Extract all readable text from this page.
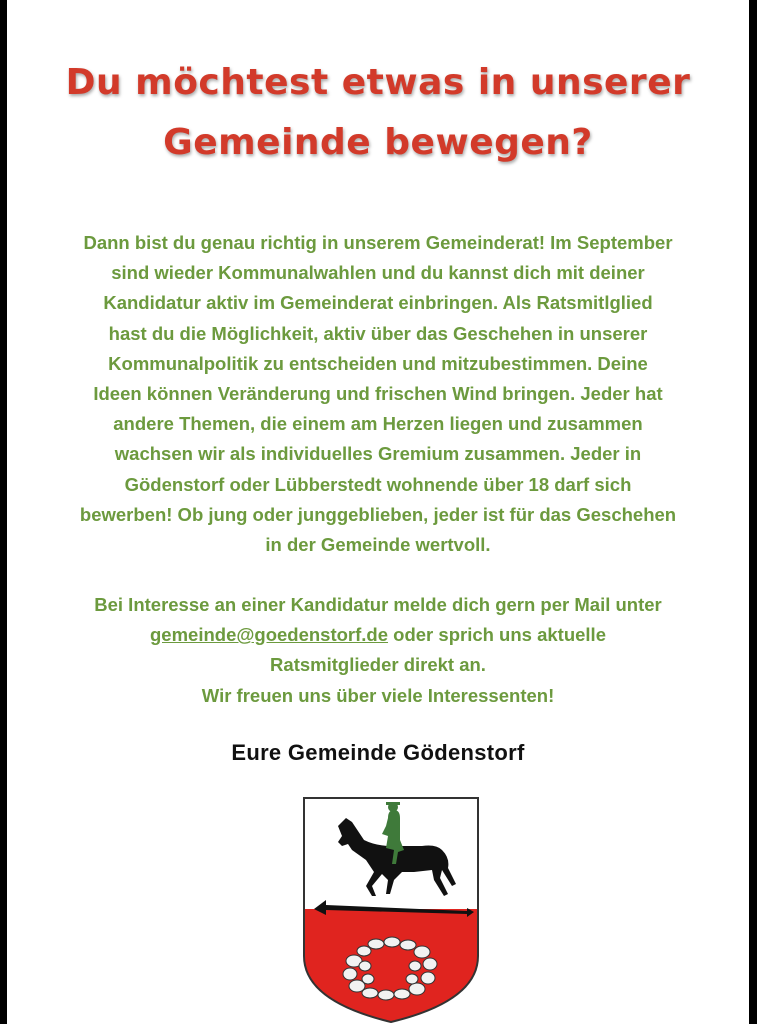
Du möchtest etwas in unserer
Gemeinde bewegen?
Dann bist du genau richtig in unserem Gemeinderat! Im September
sind wieder Kommunalwahlen und du kannst dich mit deiner
Kandidatur aktiv im Gemeinderat einbringen. Als Ratsmitlglied
hast du die Möglichkeit, aktiv über das Geschehen in unserer
Kommunalpolitik zu entscheiden und mitzubestimmen. Deine
Ideen können Veränderung und frischen Wind bringen. Jeder hat
andere Themen, die einem am Herzen liegen und zusammen
wachsen wir als individuelles Gremium zusammen. Jeder in
Gödenstorf oder Lübberstedt wohnende über 18 darf sich
bewerben! Ob jung oder junggeblieben, jeder ist für das Geschehen
in der Gemeinde wertvoll.
Bei Interesse an einer Kandidatur melde dich gern per Mail unter
gemeinde@goedenstorf.de oder sprich uns aktuelle
Ratsmitglieder direkt an.
Wir freuen uns über viele Interessenten!
Eure Gemeinde Gödenstorf
